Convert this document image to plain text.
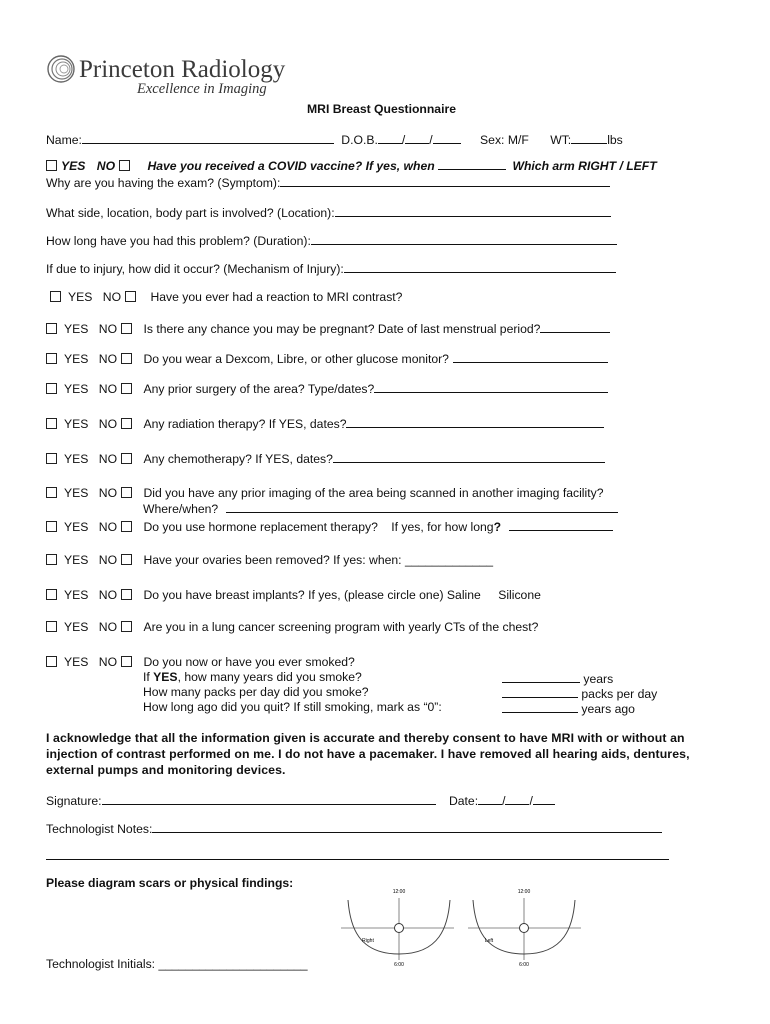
Princeton Radiology
Excellence in Imaging
MRI Breast Questionnaire
Name:	D.O.B. / /	Sex: M/F WT:	lbs
YES NO	Have you received a COVID vaccine? If yes, when	Which arm RIGHT / LEFT
Why are you having the exam? (Symptom):
What side, location, body part is involved? (Location):
How long have you had this problem? (Duration):
If due to injury, how did it occur? (Mechanism of Injury):
YES NO Have you ever had a reaction to MRI contrast?
YES NO Is there any chance you may be pregnant? Date of last menstrual period?
YES NO Do you wear a Dexcom, Libre, or other glucose monitor?
YES NO Any prior surgery of the area? Type/dates?
YES NO Any radiation therapy? If YES, dates?
YES NO Any chemotherapy? If YES, dates?
YES NO Did you have any prior imaging of the area being scanned in another imaging facility?
Where/when?
YES NO Do you use hormone replacement therapy? If yes, for how long?
YES NO Have your ovaries been removed? If yes: when: _____________
YES NO Do you have breast implants? If yes, (please circle one) Saline Silicone
YES NO Are you in a lung cancer screening program with yearly CTs of the chest?
YES NO Do you now or have you ever smoked?
If YES, how many years did you smoke?
How many packs per day did you smoke?
How long ago did you quit? If still smoking, mark as “0”:
years
packs per day
years ago
I acknowledge that all the information given is accurate and thereby consent to have MRI with or without an injection of contrast performed on me. I do not have a pacemaker. I have removed all hearing aids, dentures, external pumps and monitoring devices.
Signature:	Date: / /
Technologist Notes:
Please diagram scars or physical findings:
12:00
Right
6:00
12:00
Left
6:00
Technologist Initials: ______________________
